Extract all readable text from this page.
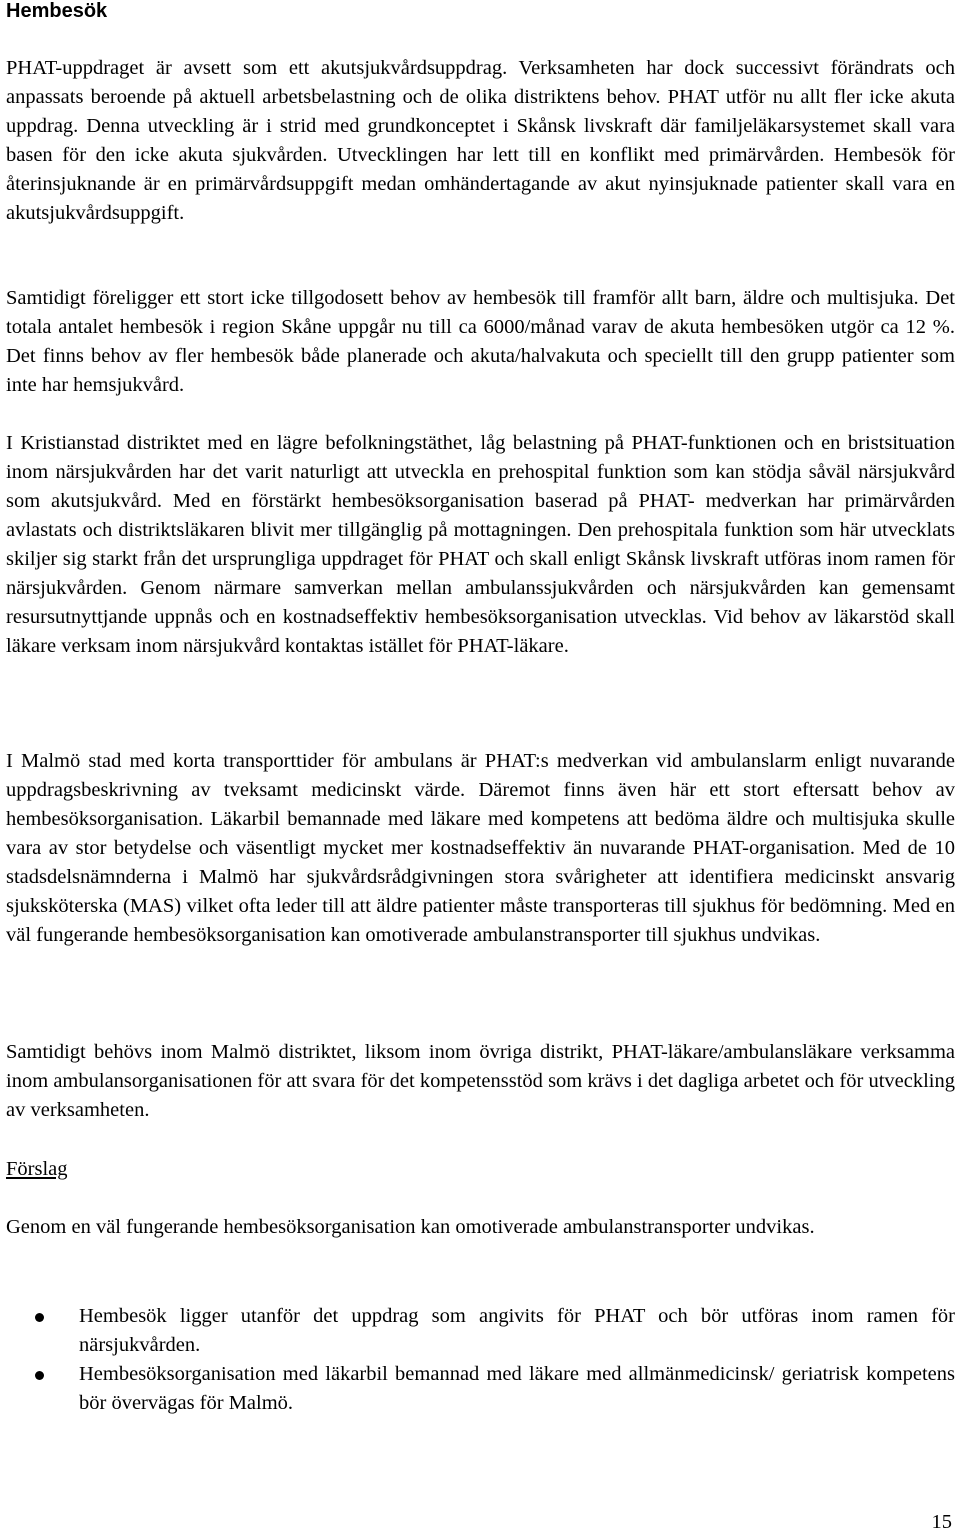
Hembesök

PHAT-uppdraget är avsett som ett akutsjukvårdsuppdrag. Verksamheten har dock successivt förändrats och anpassats beroende på aktuell arbetsbelastning och de olika distriktens behov. PHAT utför nu allt fler icke akuta uppdrag. Denna utveckling är i strid med grundkonceptet i Skånsk livskraft där familjeläkarsystemet skall vara basen för den icke akuta sjukvården. Utvecklingen har lett till en konflikt med primärvården. Hembesök för återinsjuknande är en primärvårdsuppgift medan omhändertagande av akut nyinsjuknade patienter skall vara en akutsjukvårdsuppgift.

Samtidigt föreligger ett stort icke tillgodosett behov av hembesök till framför allt barn, äldre och multisjuka. Det totala antalet hembesök i region Skåne uppgår nu till ca 6000/månad varav de akuta hembesöken utgör ca 12 %. Det finns behov av fler hembesök både planerade och akuta/halvakuta och speciellt till den grupp patienter som inte har hemsjukvård.

I Kristianstad distriktet med en lägre befolkningstäthet, låg belastning på PHAT-funktionen och en bristsituation inom närsjukvården har det varit naturligt att utveckla en prehospital funktion som kan stödja såväl närsjukvård som akutsjukvård. Med en förstärkt hembesöksorganisation baserad på PHAT- medverkan har primärvården avlastats och distriktsläkaren blivit mer tillgänglig på mottagningen. Den prehospitala funktion som här utvecklats skiljer sig starkt från det ursprungliga uppdraget för PHAT och skall enligt Skånsk livskraft utföras inom ramen för närsjukvården. Genom närmare samverkan mellan ambulanssjukvården och närsjukvården kan gemensamt resursutnyttjande uppnås och en kostnadseffektiv hembesöksorganisation utvecklas. Vid behov av läkarstöd skall läkare verksam inom närsjukvård kontaktas istället för PHAT-läkare.

I Malmö stad med korta transporttider för ambulans är PHAT:s medverkan vid ambulanslarm enligt nuvarande uppdragsbeskrivning av tveksamt medicinskt värde. Däremot finns även här ett stort eftersatt behov av hembesöksorganisation. Läkarbil bemannade med läkare med kompetens att bedöma äldre och multisjuka skulle vara av stor betydelse och väsentligt mycket mer kostnadseffektiv än nuvarande PHAT-organisation. Med de 10 stadsdelsnämnderna i Malmö har sjukvårdsrådgivningen stora svårigheter att identifiera medicinskt ansvarig sjuksköterska (MAS) vilket ofta leder till att äldre patienter måste transporteras till sjukhus för bedömning. Med en väl fungerande hembesöksorganisation kan omotiverade ambulanstransporter till sjukhus undvikas.

Samtidigt behövs inom Malmö distriktet, liksom inom övriga distrikt, PHAT-läkare/ambulansläkare verksamma inom ambulansorganisationen för att svara för det kompetensstöd som krävs i det dagliga arbetet och för utveckling av verksamheten.

Förslag

Genom en väl fungerande hembesöksorganisation kan omotiverade ambulanstransporter undvikas.

Hembesök ligger utanför det uppdrag som angivits för PHAT och bör utföras inom ramen för närsjukvården.
Hembesöksorganisation med läkarbil bemannad med läkare med allmänmedicinsk/ geriatrisk kompetens bör övervägas för Malmö.

15
